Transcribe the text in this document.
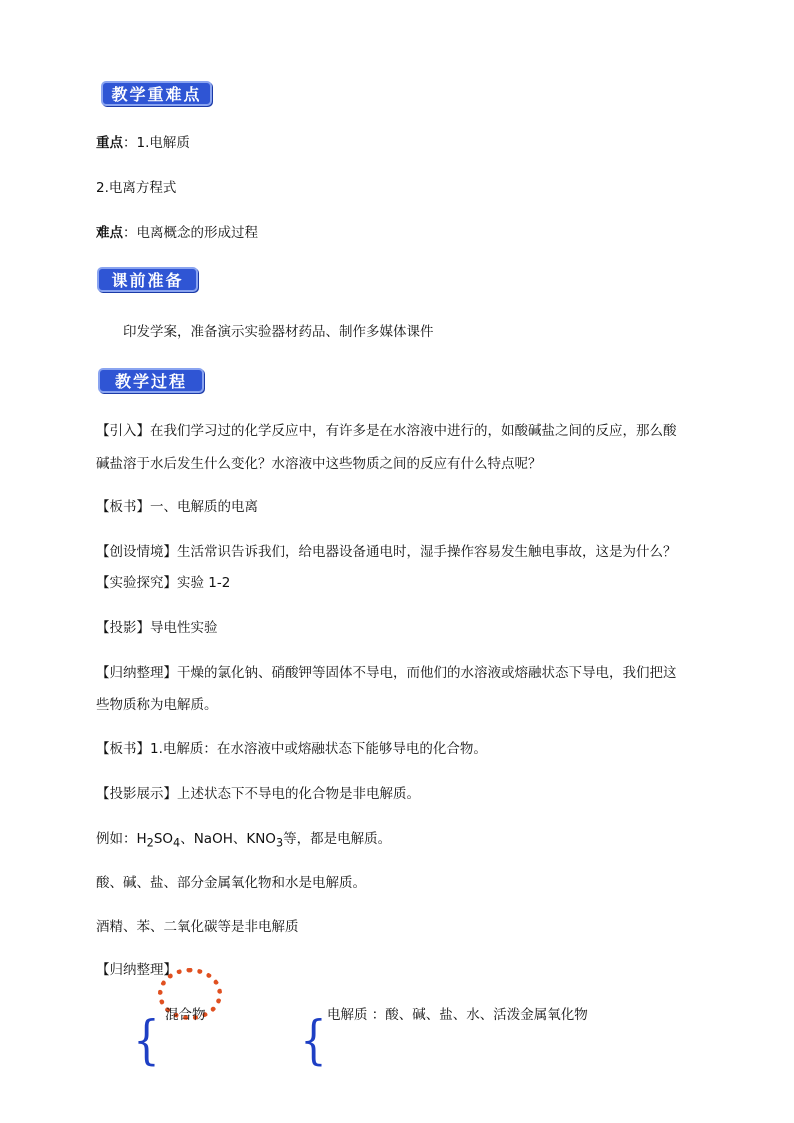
教学重难点
重点：1.电解质
2.电离方程式
难点：电离概念的形成过程
课前准备
印发学案，准备演示实验器材药品、制作多媒体课件
教学过程
【引入】在我们学习过的化学反应中，有许多是在水溶液中进行的，如酸碱盐之间的反应，那么酸
碱盐溶于水后发生什么变化？水溶液中这些物质之间的反应有什么特点呢？
【板书】一、电解质的电离
【创设情境】生活常识告诉我们，给电器设备通电时，湿手操作容易发生触电事故，这是为什么？
【实验探究】实验 1-2
【投影】导电性实验
【归纳整理】干燥的氯化钠、硝酸钾等固体不导电，而他们的水溶液或熔融状态下导电，我们把这
些物质称为电解质。
【板书】1.电解质：在水溶液中或熔融状态下能够导电的化合物。
【投影展示】上述状态下不导电的化合物是非电解质。
例如：$H_2SO_4$、NaOH、$KNO_3$等，都是电解质。
酸、碱、盐、部分金属氧化物和水是电解质。
酒精、苯、二氧化碳等是非电解质
【归纳整理】
混合物	电解质 ：酸、碱、盐、水、活泼金属氧化物
{	{
